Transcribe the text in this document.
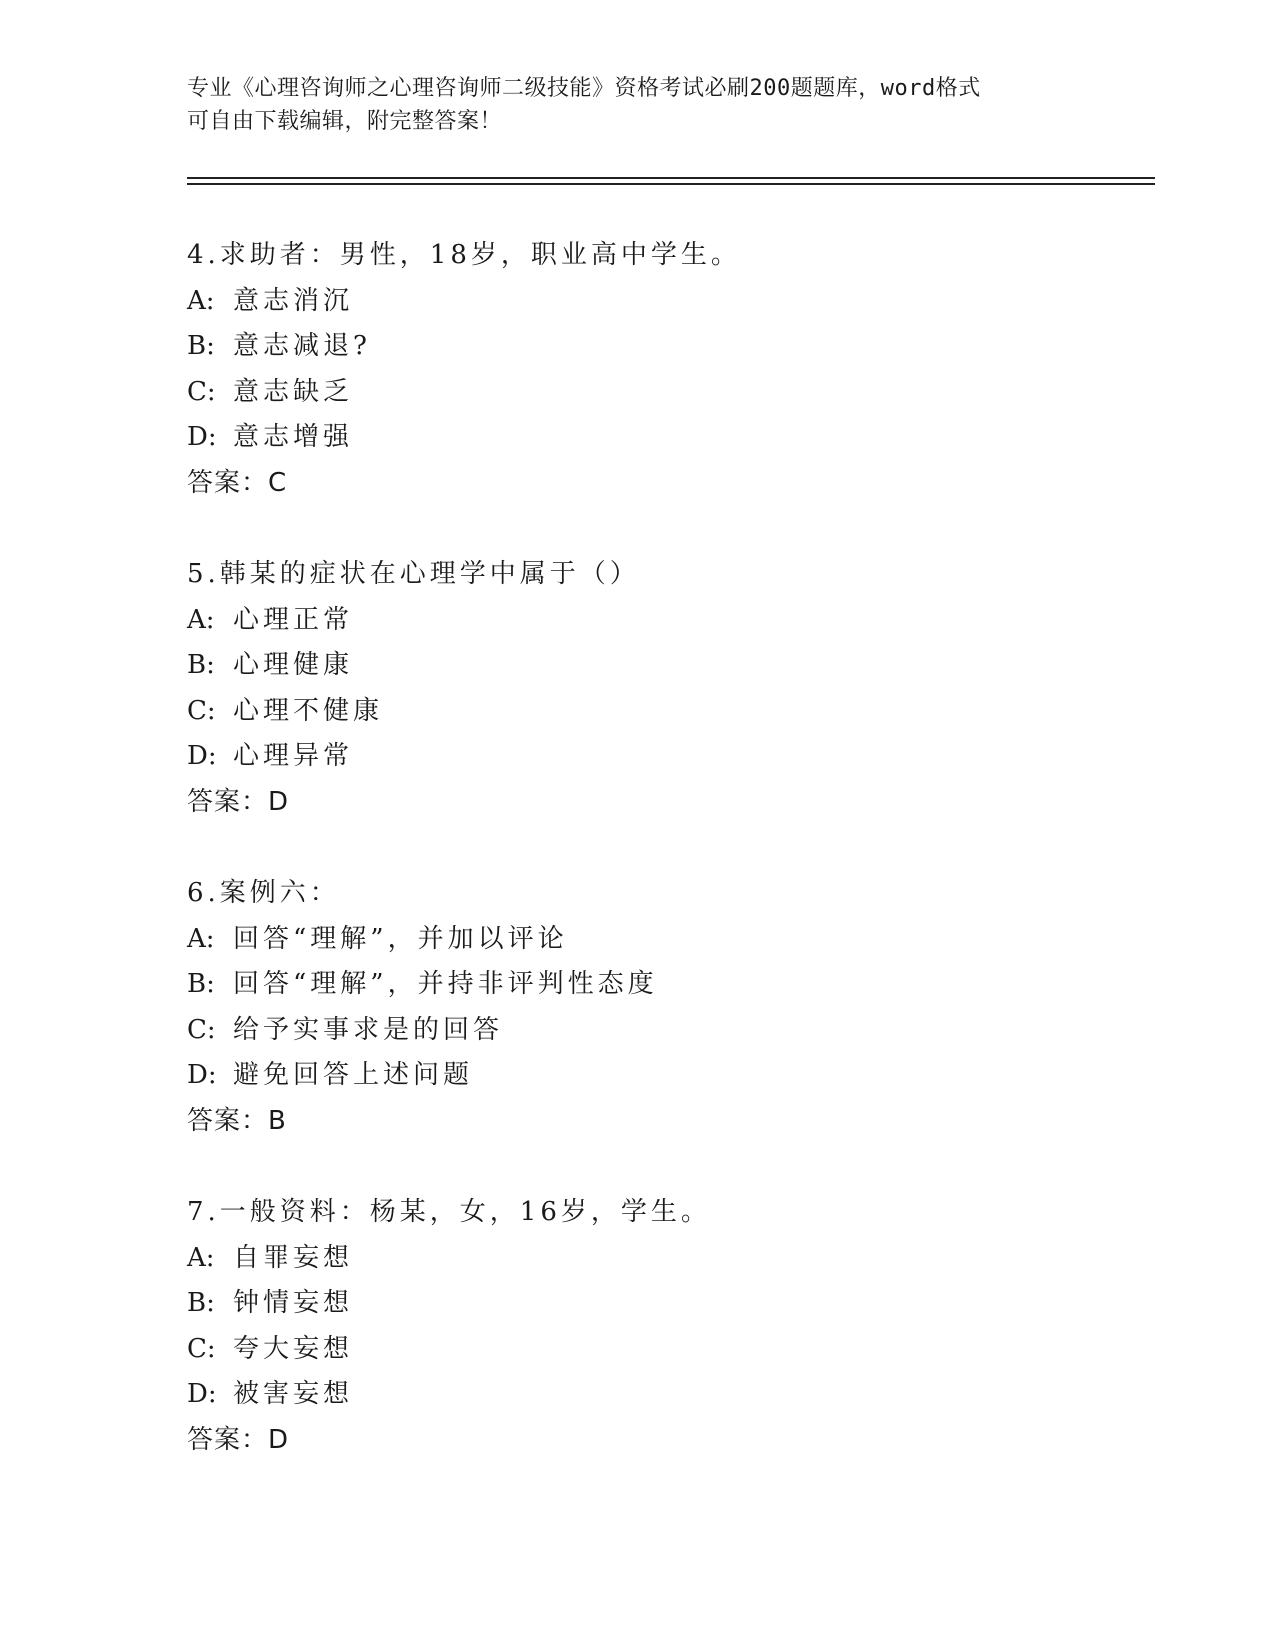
专业《心理咨询师之心理咨询师二级技能》资格考试必刷200题题库，word格式
可自由下载编辑，附完整答案！
4.求助者：男性，18岁，职业高中学生。
A: 意志消沉
B: 意志减退?
C: 意志缺乏
D: 意志增强
答案：C
5.韩某的症状在心理学中属于（）
A: 心理正常
B: 心理健康
C: 心理不健康
D: 心理异常
答案：D
6.案例六：
A: 回答“理解”，并加以评论
B: 回答“理解”，并持非评判性态度
C: 给予实事求是的回答
D: 避免回答上述问题
答案：B
7.一般资料：杨某，女，16岁，学生。
A: 自罪妄想
B: 钟情妄想
C: 夸大妄想
D: 被害妄想
答案：D
